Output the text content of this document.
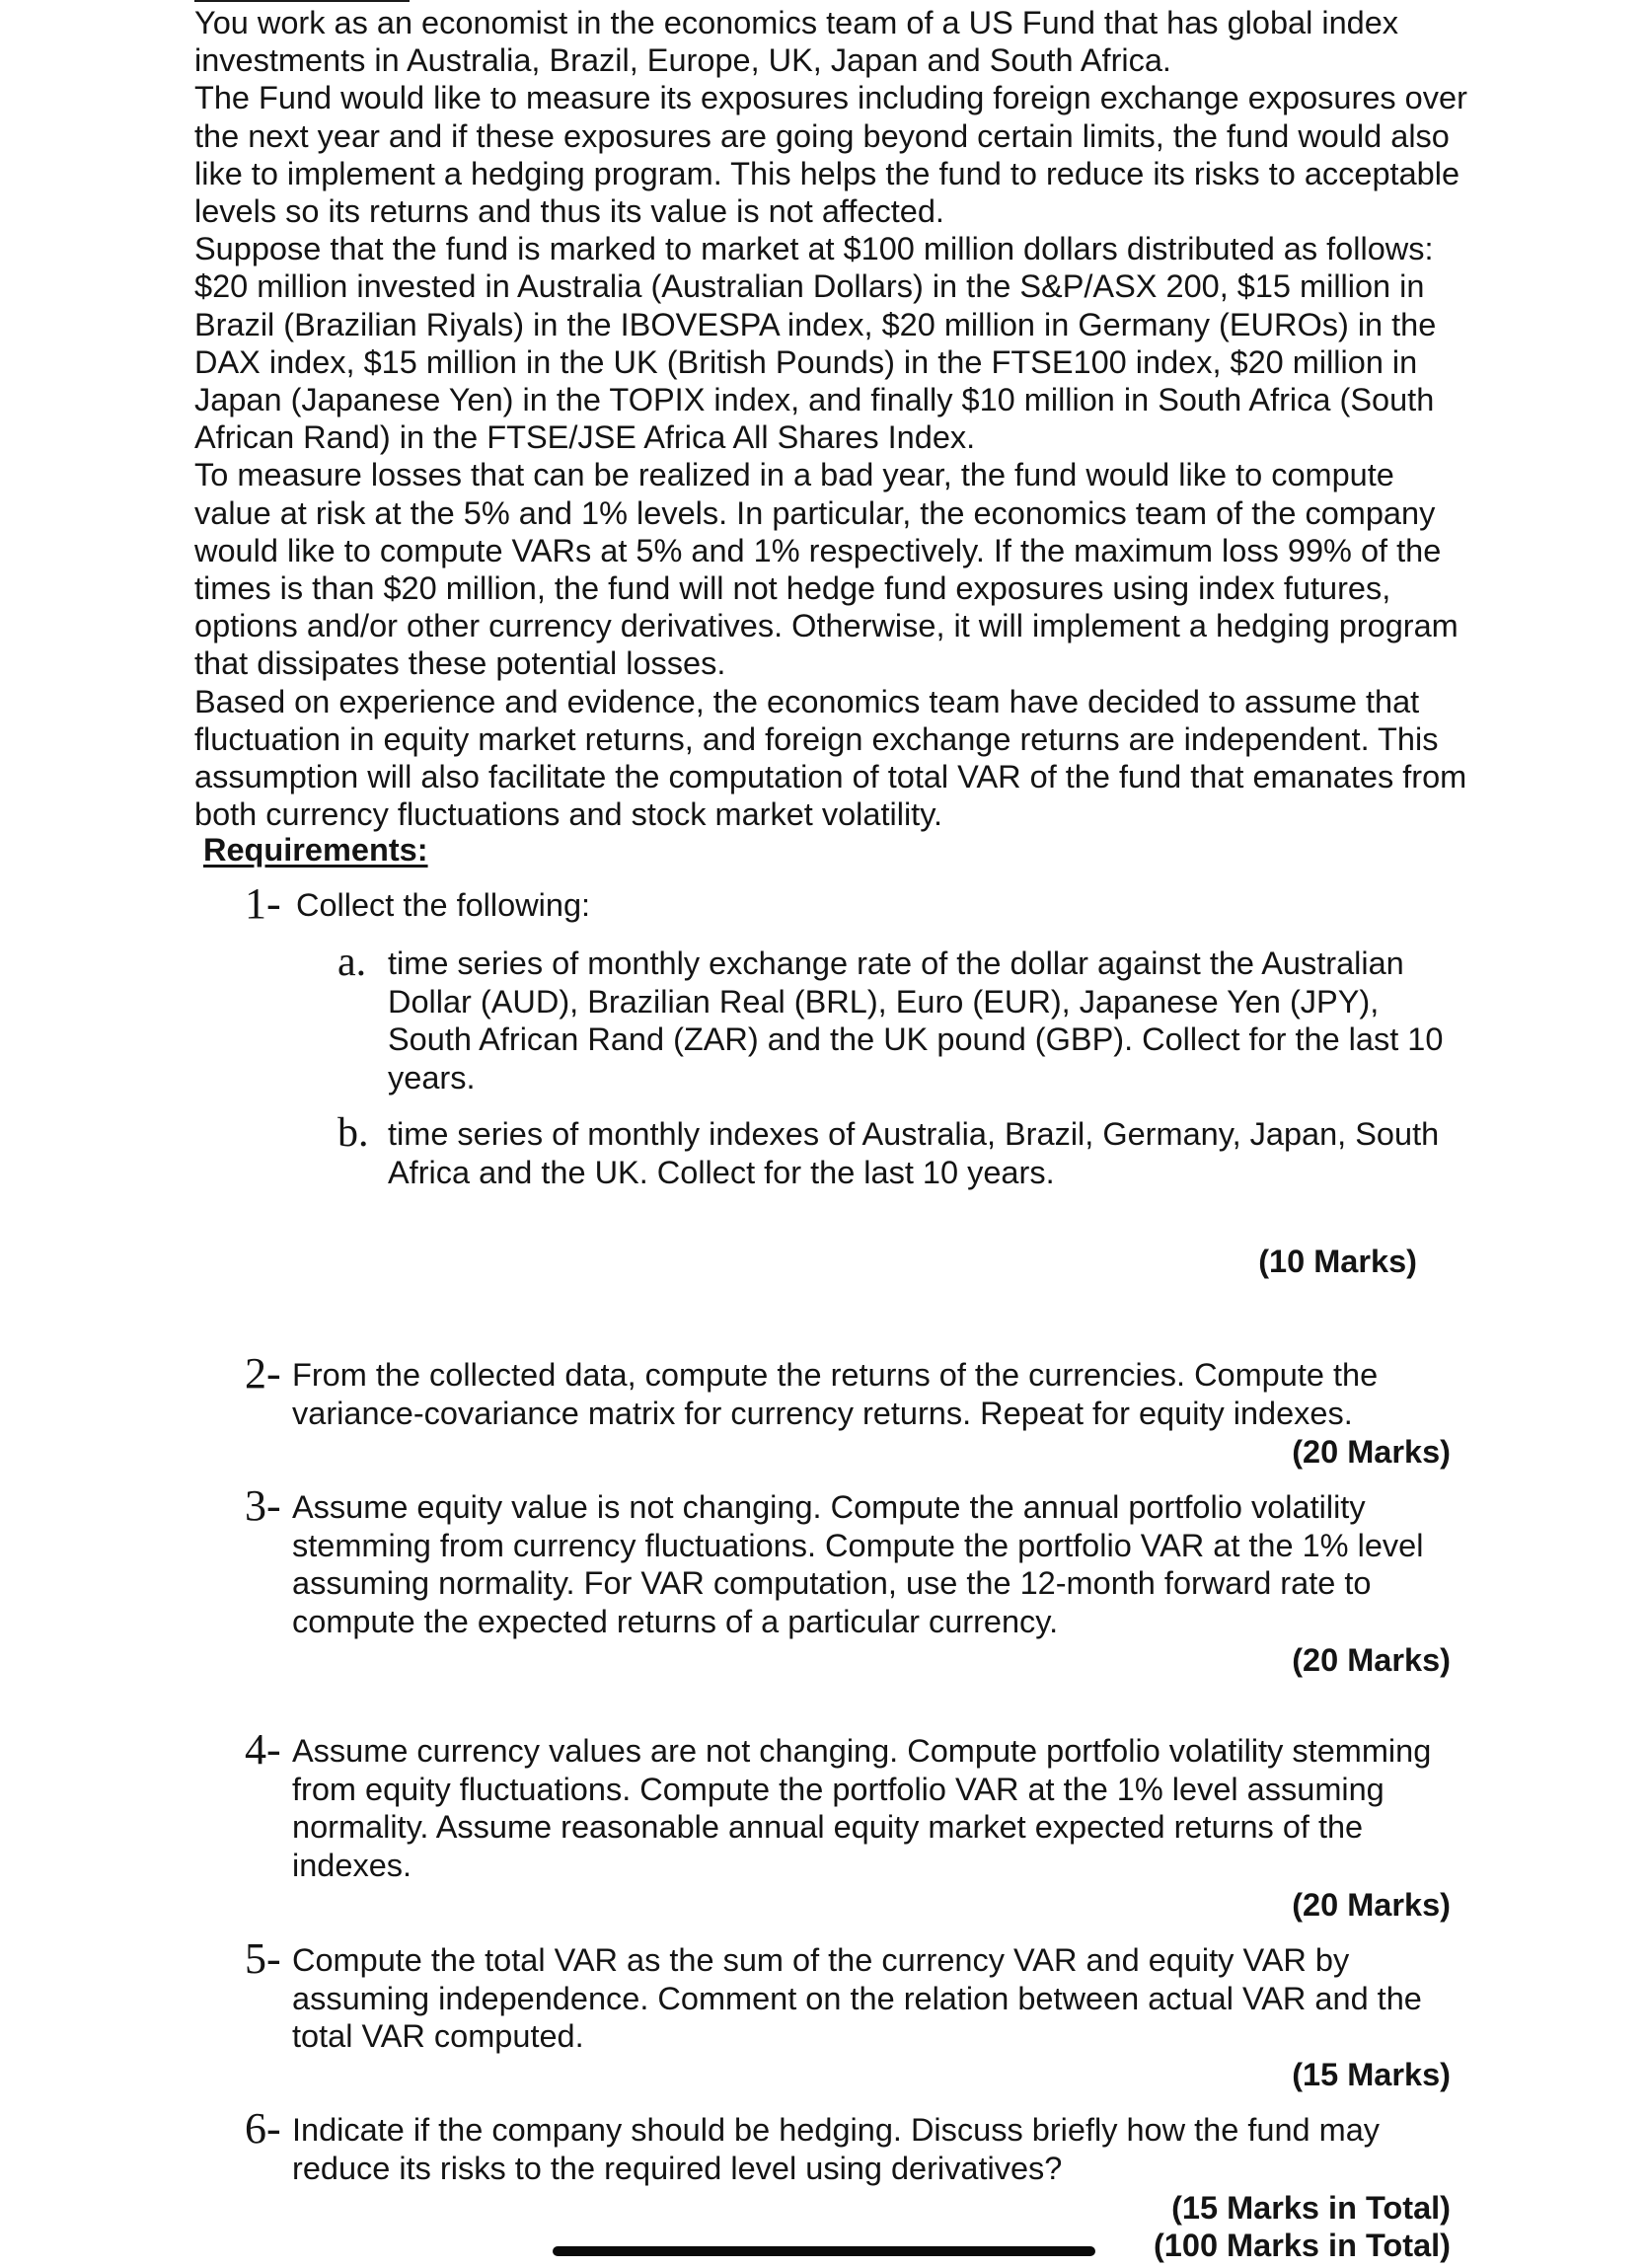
You work as an economist in the economics team of a US Fund that has global index investments in Australia, Brazil, Europe, UK, Japan and South Africa.

The Fund would like to measure its exposures including foreign exchange exposures over the next year and if these exposures are going beyond certain limits, the fund would also like to implement a hedging program. This helps the fund to reduce its risks to acceptable levels so its returns and thus its value is not affected.

Suppose that the fund is marked to market at $100 million dollars distributed as follows: $20 million invested in Australia (Australian Dollars) in the S&P/ASX 200, $15 million in Brazil (Brazilian Riyals) in the IBOVESPA index, $20 million in Germany (EUROs) in the DAX index, $15 million in the UK (British Pounds) in the FTSE100 index, $20 million in Japan (Japanese Yen) in the TOPIX index, and finally $10 million in South Africa (South African Rand) in the FTSE/JSE Africa All Shares Index.

To measure losses that can be realized in a bad year, the fund would like to compute value at risk at the 5% and 1% levels. In particular, the economics team of the company would like to compute VARs at 5% and 1% respectively. If the maximum loss 99% of the times is than $20 million, the fund will not hedge fund exposures using index futures, options and/or other currency derivatives. Otherwise, it will implement a hedging program that dissipates these potential losses.

Based on experience and evidence, the economics team have decided to assume that fluctuation in equity market returns, and foreign exchange returns are independent. This assumption will also facilitate the computation of total VAR of the fund that emanates from both currency fluctuations and stock market volatility.

Requirements:
1- Collect the following:
a. time series of monthly exchange rate of the dollar against the Australian Dollar (AUD), Brazilian Real (BRL), Euro (EUR), Japanese Yen (JPY), South African Rand (ZAR) and the UK pound (GBP). Collect for the last 10 years.
b. time series of monthly indexes of Australia, Brazil, Germany, Japan, South Africa and the UK. Collect for the last 10 years.
(10 Marks)
2- From the collected data, compute the returns of the currencies. Compute the variance-covariance matrix for currency returns. Repeat for equity indexes.
(20 Marks)
3- Assume equity value is not changing. Compute the annual portfolio volatility stemming from currency fluctuations. Compute the portfolio VAR at the 1% level assuming normality. For VAR computation, use the 12-month forward rate to compute the expected returns of a particular currency.
(20 Marks)
4- Assume currency values are not changing. Compute portfolio volatility stemming from equity fluctuations. Compute the portfolio VAR at the 1% level assuming normality. Assume reasonable annual equity market expected returns of the indexes.
(20 Marks)
5- Compute the total VAR as the sum of the currency VAR and equity VAR by assuming independence. Comment on the relation between actual VAR and the total VAR computed.
(15 Marks)
6- Indicate if the company should be hedging. Discuss briefly how the fund may reduce its risks to the required level using derivatives?
(15 Marks in Total)
(100 Marks in Total)
